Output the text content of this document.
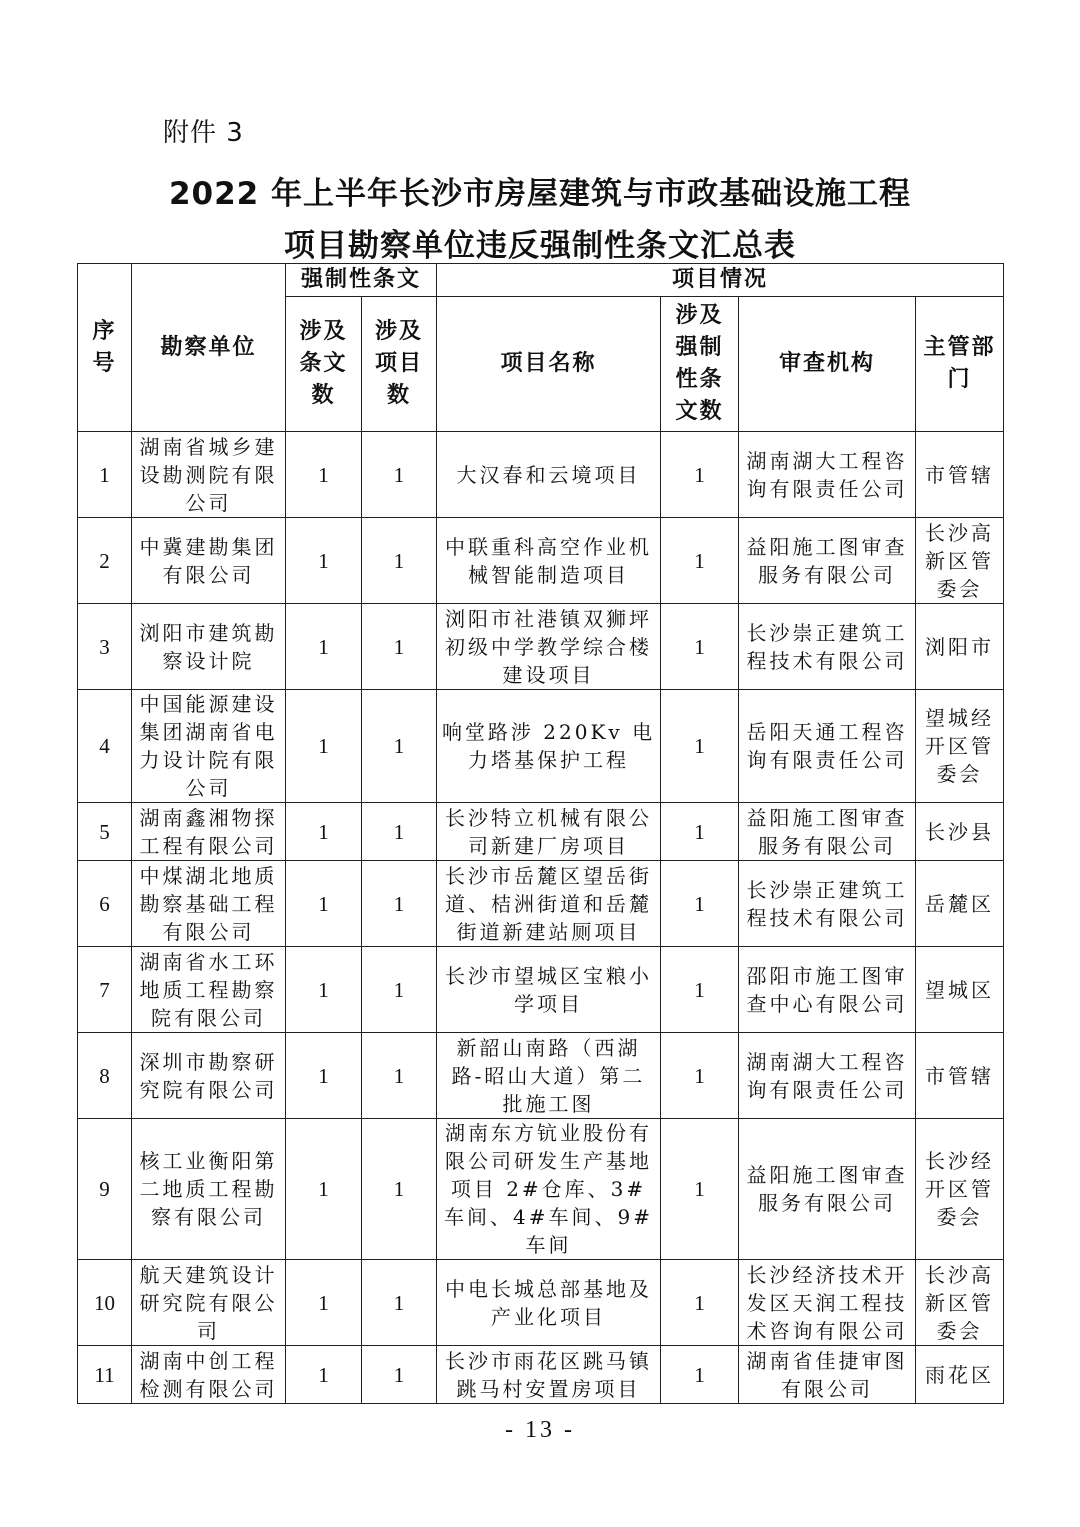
附件 3
2022 年上半年长沙市房屋建筑与市政基础设施工程
项目勘察单位违反强制性条文汇总表
序号	勘察单位	强制性条文		项目情况			
		涉及条文数	涉及项目数	项目名称	涉及强制性条文数	审查机构	主管部门
1	湖南省城乡建设勘测院有限公司	1	1	大汉春和云境项目	1	湖南湖大工程咨询有限责任公司	市管辖
2	中冀建勘集团有限公司	1	1	中联重科高空作业机械智能制造项目	1	益阳施工图审查服务有限公司	长沙高新区管委会
3	浏阳市建筑勘察设计院	1	1	浏阳市社港镇双狮坪初级中学教学综合楼建设项目	1	长沙崇正建筑工程技术有限公司	浏阳市
4	中国能源建设集团湖南省电力设计院有限公司	1	1	响堂路涉 220Kv 电力塔基保护工程	1	岳阳天通工程咨询有限责任公司	望城经开区管委会
5	湖南鑫湘物探工程有限公司	1	1	长沙特立机械有限公司新建厂房项目	1	益阳施工图审查服务有限公司	长沙县
6	中煤湖北地质勘察基础工程有限公司	1	1	长沙市岳麓区望岳街道、桔洲街道和岳麓街道新建站厕项目	1	长沙崇正建筑工程技术有限公司	岳麓区
7	湖南省水工环地质工程勘察院有限公司	1	1	长沙市望城区宝粮小学项目	1	邵阳市施工图审查中心有限公司	望城区
8	深圳市勘察研究院有限公司	1	1	新韶山南路（西湖路-昭山大道）第二批施工图	1	湖南湖大工程咨询有限责任公司	市管辖
9	核工业衡阳第二地质工程勘察有限公司	1	1	湖南东方钪业股份有限公司研发生产基地项目 2#仓库、3#车间、4#车间、9#车间	1	益阳施工图审查服务有限公司	长沙经开区管委会
10	航天建筑设计研究院有限公司	1	1	中电长城总部基地及产业化项目	1	长沙经济技术开发区天润工程技术咨询有限公司	长沙高新区管委会
11	湖南中创工程检测有限公司	1	1	长沙市雨花区跳马镇跳马村安置房项目	1	湖南省佳捷审图有限公司	雨花区
- 13 -
